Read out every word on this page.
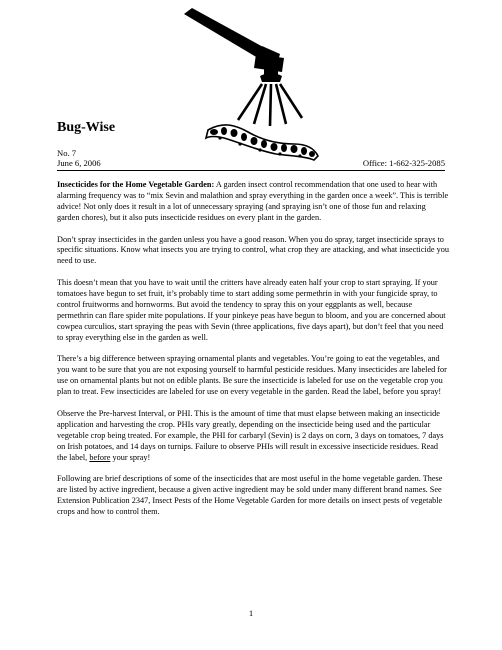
Bug-Wise
No. 7
June 6, 2006	Office: 1-662-325-2085

Insecticides for the Home Vegetable Garden: A garden insect control recommendation that one used to hear with alarming frequency was to “mix Sevin and malathion and spray everything in the garden once a week”. This is terrible advice! Not only does it result in a lot of unnecessary spraying (and spraying isn’t one of those fun and relaxing garden chores), but it also puts insecticide residues on every plant in the garden.

Don’t spray insecticides in the garden unless you have a good reason. When you do spray, target insecticide sprays to specific situations. Know what insects you are trying to control, what crop they are attacking, and what insecticide you need to use.

This doesn’t mean that you have to wait until the critters have already eaten half your crop to start spraying. If your tomatoes have begun to set fruit, it’s probably time to start adding some permethrin in with your fungicide spray, to control fruitworms and hornworms. But avoid the tendency to spray this on your eggplants as well, because permethrin can flare spider mite populations. If your pinkeye peas have begun to bloom, and you are concerned about cowpea curculios, start spraying the peas with Sevin (three applications, five days apart), but don’t feel that you need to spray everything else in the garden as well.

There’s a big difference between spraying ornamental plants and vegetables. You’re going to eat the vegetables, and you want to be sure that you are not exposing yourself to harmful pesticide residues. Many insecticides are labeled for use on ornamental plants but not on edible plants. Be sure the insecticide is labeled for use on the vegetable crop you plan to treat. Few insecticides are labeled for use on every vegetable in the garden. Read the label, before you spray!

Observe the Pre-harvest Interval, or PHI. This is the amount of time that must elapse between making an insecticide application and harvesting the crop. PHIs vary greatly, depending on the insecticide being used and the particular vegetable crop being treated. For example, the PHI for carbaryl (Sevin) is 2 days on corn, 3 days on tomatoes, 7 days on Irish potatoes, and 14 days on turnips. Failure to observe PHIs will result in excessive insecticide residues. Read the label, before your spray!

Following are brief descriptions of some of the insecticides that are most useful in the home vegetable garden. These are listed by active ingredient, because a given active ingredient may be sold under many different brand names. See Extension Publication 2347, Insect Pests of the Home Vegetable Garden for more details on insect pests of vegetable crops and how to control them.

1
